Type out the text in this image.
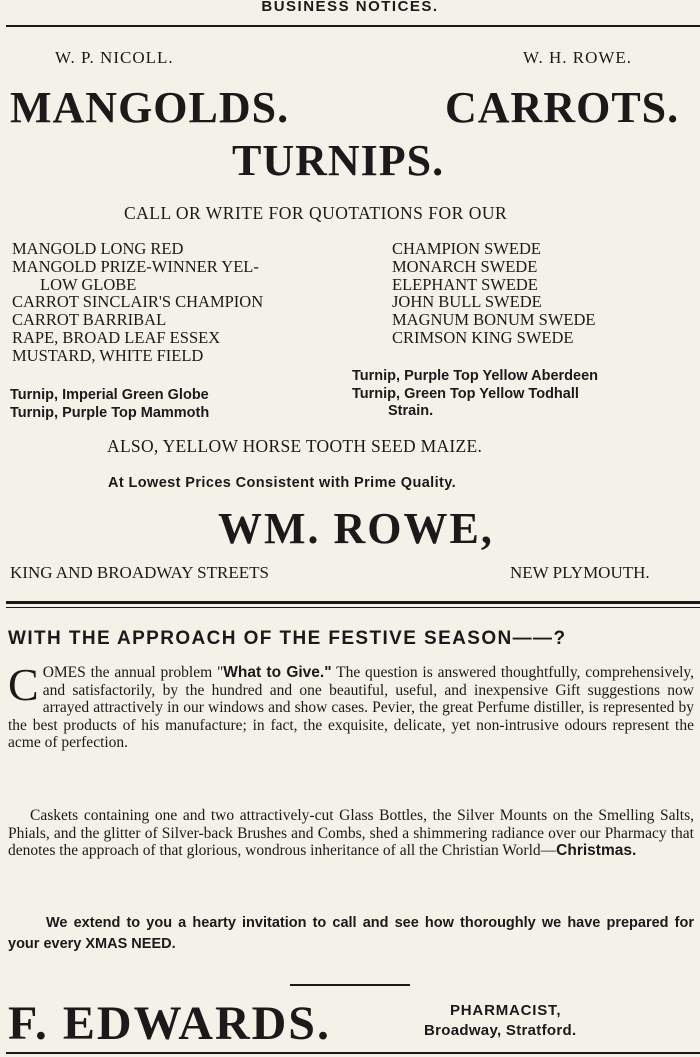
BUSINESS NOTICES.
W. P. NICOLL.	W. H. ROWE.
MANGOLDS.	CARROTS.
TURNIPS.
CALL OR WRITE FOR QUOTATIONS FOR OUR
MANGOLD LONG RED
MANGOLD PRIZE-WINNER YEL-
LOW GLOBE
CARROT SINCLAIR'S CHAMPION
CARROT BARRIBAL
RAPE, BROAD LEAF ESSEX
MUSTARD, WHITE FIELD
CHAMPION SWEDE
MONARCH SWEDE
ELEPHANT SWEDE
JOHN BULL SWEDE
MAGNUM BONUM SWEDE
CRIMSON KING SWEDE
Turnip, Imperial Green Globe
Turnip, Purple Top Mammoth
Turnip, Purple Top Yellow Aberdeen
Turnip, Green Top Yellow Todhall
Strain.
ALSO, YELLOW HORSE TOOTH SEED MAIZE.
At Lowest Prices Consistent with Prime Quality.
WM. ROWE,
KING AND BROADWAY STREETS	NEW PLYMOUTH.
WITH THE APPROACH OF THE FESTIVE SEASON——?
COMES the annual problem "What to Give." The question is answered thoughtfully, comprehensively, and satisfactorily, by the hundred and one beautiful, useful, and inexpensive Gift suggestions now arrayed attractively in our windows and show cases. Pevier, the great Perfume distiller, is represented by the best products of his manufacture; in fact, the exquisite, delicate, yet non-intrusive odours represent the acme of perfection.
Caskets containing one and two attractively-cut Glass Bottles, the Silver Mounts on the Smelling Salts, Phials, and the glitter of Silver-back Brushes and Combs, shed a shimmering radiance over our Pharmacy that denotes the approach of that glorious, wondrous inheritance of all the Christian World—Christmas.
We extend to you a hearty invitation to call and see how thoroughly we have prepared for your every XMAS NEED.
F. EDWARDS.	PHARMACIST,
Broadway, Stratford.
